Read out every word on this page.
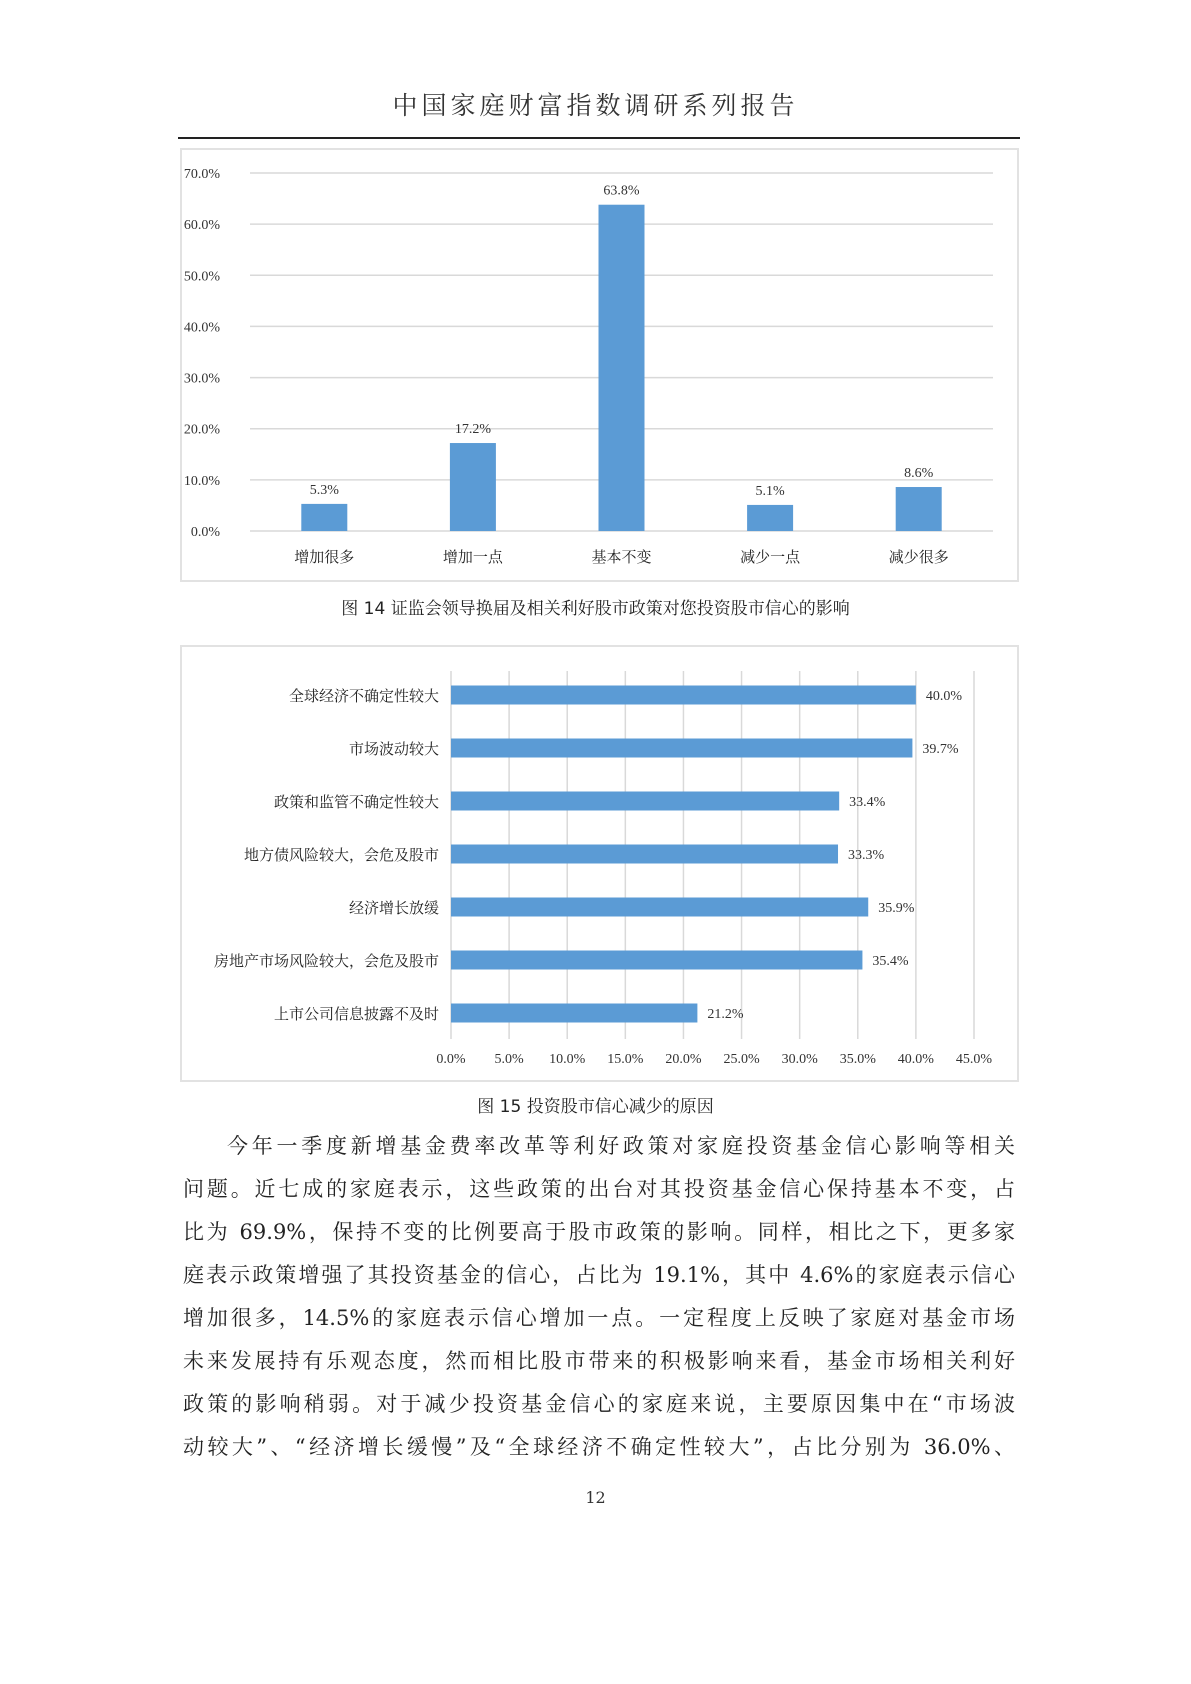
中国家庭财富指数调研系列报告
0.0%
10.0%
20.0%
30.0%
40.0%
50.0%
60.0%
70.0%
5.3%
增加很多
17.2%
增加一点
63.8%
基本不变
5.1%
减少一点
8.6%
减少很多
图 14 证监会领导换届及相关利好股市政策对您投资股市信心的影响
0.0% 5.0% 10.0% 15.0% 20.0% 25.0% 30.0% 35.0% 40.0% 45.0%
40.0%
全球经济不确定性较大
39.7%
市场波动较大
33.4%
政策和监管不确定性较大
33.3%
地方债风险较大，会危及股市
35.9%
经济增长放缓
35.4%
房地产市场风险较大，会危及股市
21.2%
上市公司信息披露不及时
图 15 投资股市信心减少的原因
今年一季度新增基金费率改革等利好政策对家庭投资基金信心影响等相关
问题。近七成的家庭表示，这些政策的出台对其投资基金信心保持基本不变，占
比为 69.9%，保持不变的比例要高于股市政策的影响。同样，相比之下，更多家
庭表示政策增强了其投资基金的信心，占比为 19.1%，其中 4.6%的家庭表示信心
增加很多，14.5%的家庭表示信心增加一点。一定程度上反映了家庭对基金市场
未来发展持有乐观态度，然而相比股市带来的积极影响来看，基金市场相关利好
政策的影响稍弱。对于减少投资基金信心的家庭来说，主要原因集中在“市场波
动较大”、“经济增长缓慢”及“全球经济不确定性较大”，占比分别为 36.0%、
12
